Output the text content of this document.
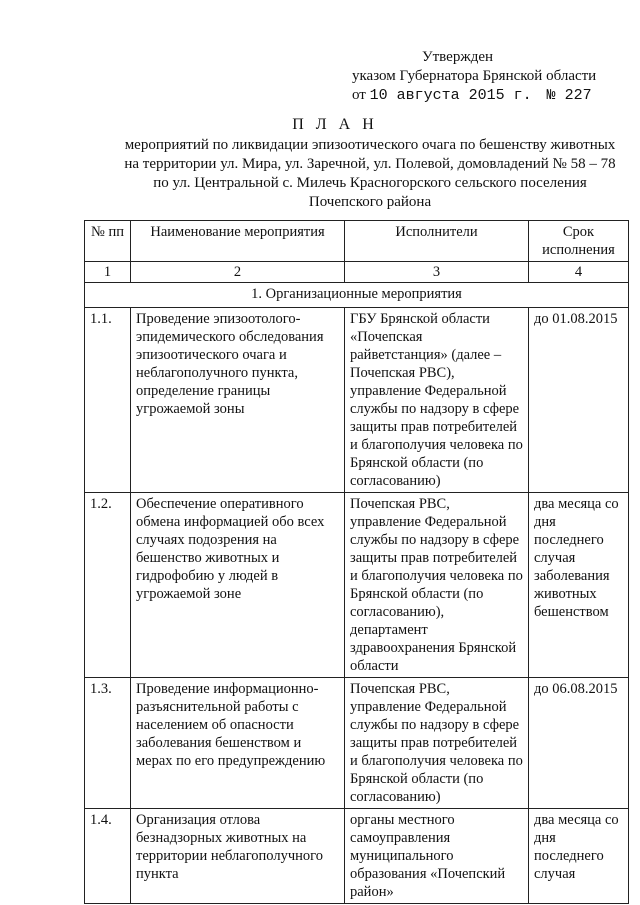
Утвержден
указом Губернатора Брянской области
от 10 августа 2015 г. № 227
П Л А Н
мероприятий по ликвидации эпизоотического очага по бешенству животных на территории ул. Мира, ул. Заречной, ул. Полевой, домовладений № 58 – 78 по ул. Центральной с. Милечь Красногорского сельского поселения Почепского района
№ пп	Наименование мероприятия	Исполнители	Срок исполнения
1	2	3	4
1. Организационные мероприятия			
1.1.	Проведение эпизоотолого-эпидемического обследования эпизоотического очага и неблагополучного пункта, определение границы угрожаемой зоны	ГБУ Брянской области «Почепская райветстанция» (далее – Почепская РВС), управление Федеральной службы по надзору в сфере защиты прав потребителей и благополучия человека по Брянской области (по согласованию)	до 01.08.2015
1.2.	Обеспечение оперативного обмена информацией обо всех случаях подозрения на бешенство животных и гидрофобию у людей в угрожаемой зоне	Почепская РВС, управление Федеральной службы по надзору в сфере защиты прав потребителей и благополучия человека по Брянской области (по согласованию), департамент здравоохранения Брянской области	два месяца со дня последнего случая заболевания животных бешенством
1.3.	Проведение информационно-разъяснительной работы с населением об опасности заболевания бешенством и мерах по его предупреждению	Почепская РВС, управление Федеральной службы по надзору в сфере защиты прав потребителей и благополучия человека по Брянской области (по согласованию)	до 06.08.2015
1.4.	Организация отлова безнадзорных животных на территории неблагополучного пункта	органы местного самоуправления муниципального образования «Почепский район»	два месяца со дня последнего случая
